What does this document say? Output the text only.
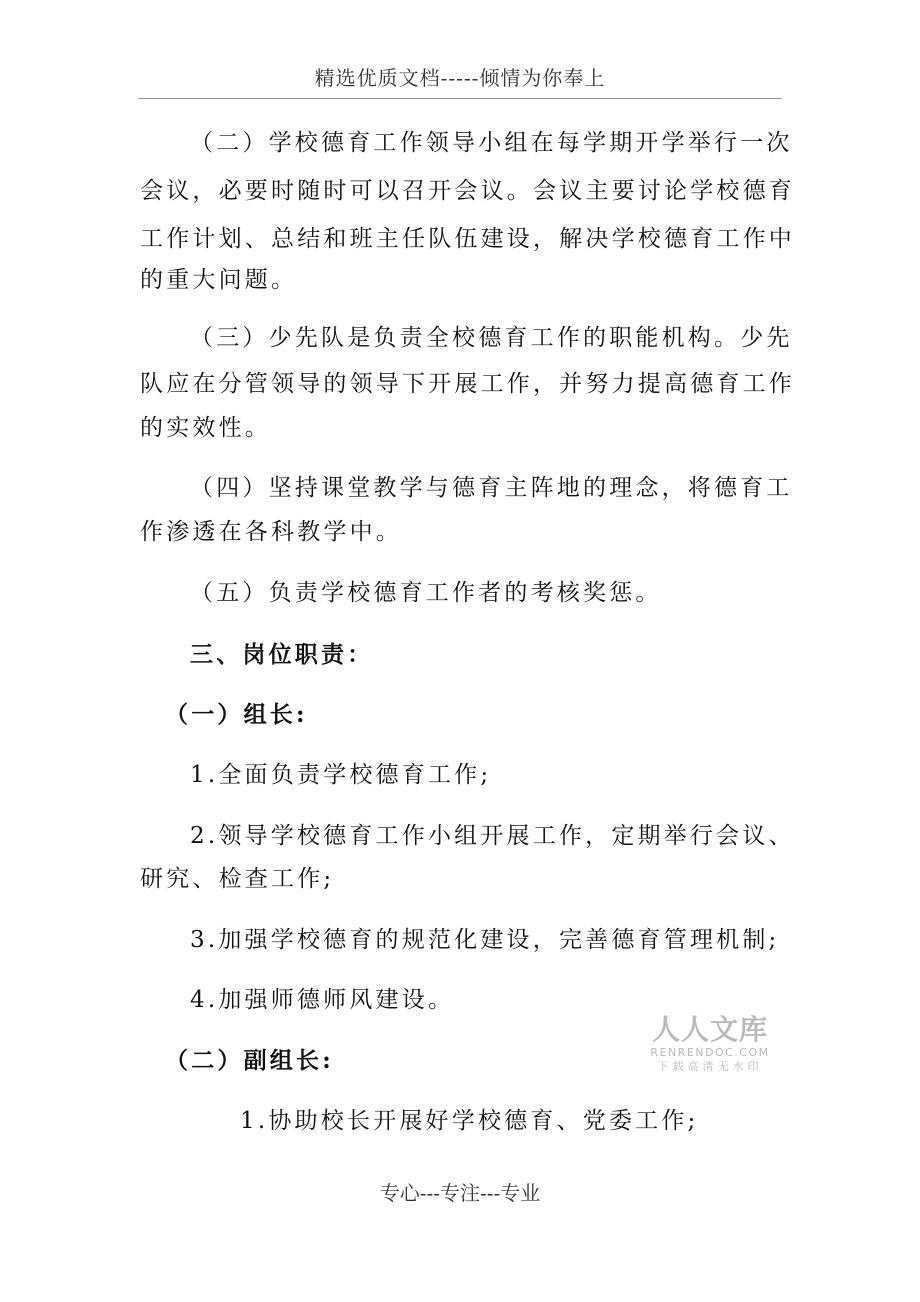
精选优质文档-----倾情为你奉上
（二）学校德育工作领导小组在每学期开学举行一次
会议，必要时随时可以召开会议。会议主要讨论学校德育
工作计划、总结和班主任队伍建设，解决学校德育工作中
的重大问题。
（三）少先队是负责全校德育工作的职能机构。少先
队应在分管领导的领导下开展工作，并努力提高德育工作
的实效性。
（四）坚持课堂教学与德育主阵地的理念，将德育工
作渗透在各科教学中。
（五）负责学校德育工作者的考核奖惩。
三、岗位职责：
（一）组长:
1.全面负责学校德育工作;
2.领导学校德育工作小组开展工作，定期举行会议、
研究、检查工作;
3.加强学校德育的规范化建设，完善德育管理机制;
4.加强师德师风建设。
（二）副组长:
1.协助校长开展好学校德育、党委工作;
人人文库
RENRENDOC.COM
下载高清无水印
专心---专注---专业
